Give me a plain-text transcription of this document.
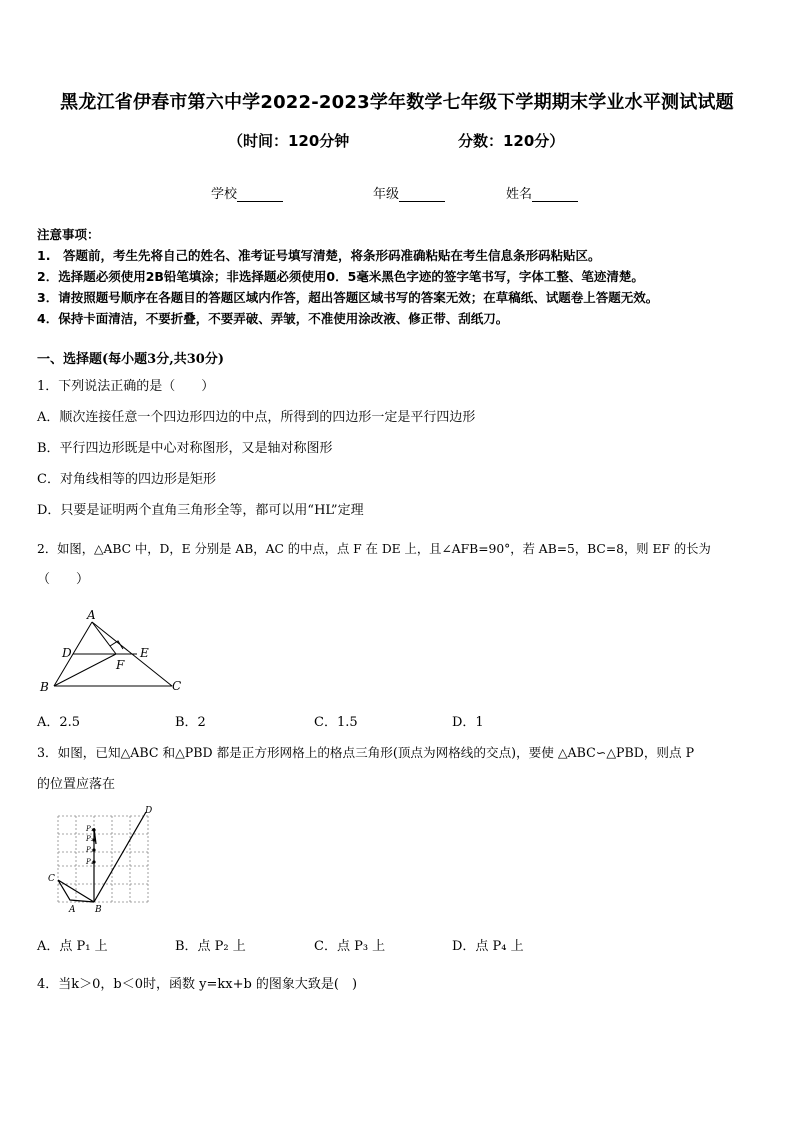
黑龙江省伊春市第六中学2022-2023学年数学七年级下学期期末学业水平测试试题
（时间：120分钟	分数：120分）
学校	年级	姓名
注意事项：
1.　答题前，考生先将自己的姓名、准考证号填写清楚，将条形码准确粘贴在考生信息条形码粘贴区。
2．选择题必须使用2B铅笔填涂；非选择题必须使用0．5毫米黑色字迹的签字笔书写，字体工整、笔迹清楚。
3．请按照题号顺序在各题目的答题区域内作答，超出答题区域书写的答案无效；在草稿纸、试题卷上答题无效。
4．保持卡面清洁，不要折叠，不要弄破、弄皱，不准使用涂改液、修正带、刮纸刀。
一、选择题(每小题3分,共30分)
1．下列说法正确的是（　　）
A．顺次连接任意一个四边形四边的中点，所得到的四边形一定是平行四边形
B．平行四边形既是中心对称图形，又是轴对称图形
C．对角线相等的四边形是矩形
D．只要是证明两个直角三角形全等，都可以用“HL”定理
2．如图，△ABC 中，D，E 分别是 AB，AC 的中点，点 F 在 DE 上，且∠AFB=90°，若 AB=5，BC=8，则 EF 的长为
（　　）
A
B	C
D	E
F
A．2.5	B．2	C．1.5	D．1
3．如图，已知△ABC 和△PBD 都是正方形网格上的格点三角形(顶点为网格线的交点)，要使 △ABC∽△PBD，则点 P
的位置应落在
P₁
P₂
P₃
P₄
C
A B
D
A．点 P₁ 上	B．点 P₂ 上	C．点 P₃ 上	D．点 P₄ 上
4．当k＞0，b＜0时，函数 y=kx+b 的图象大致是(　)
